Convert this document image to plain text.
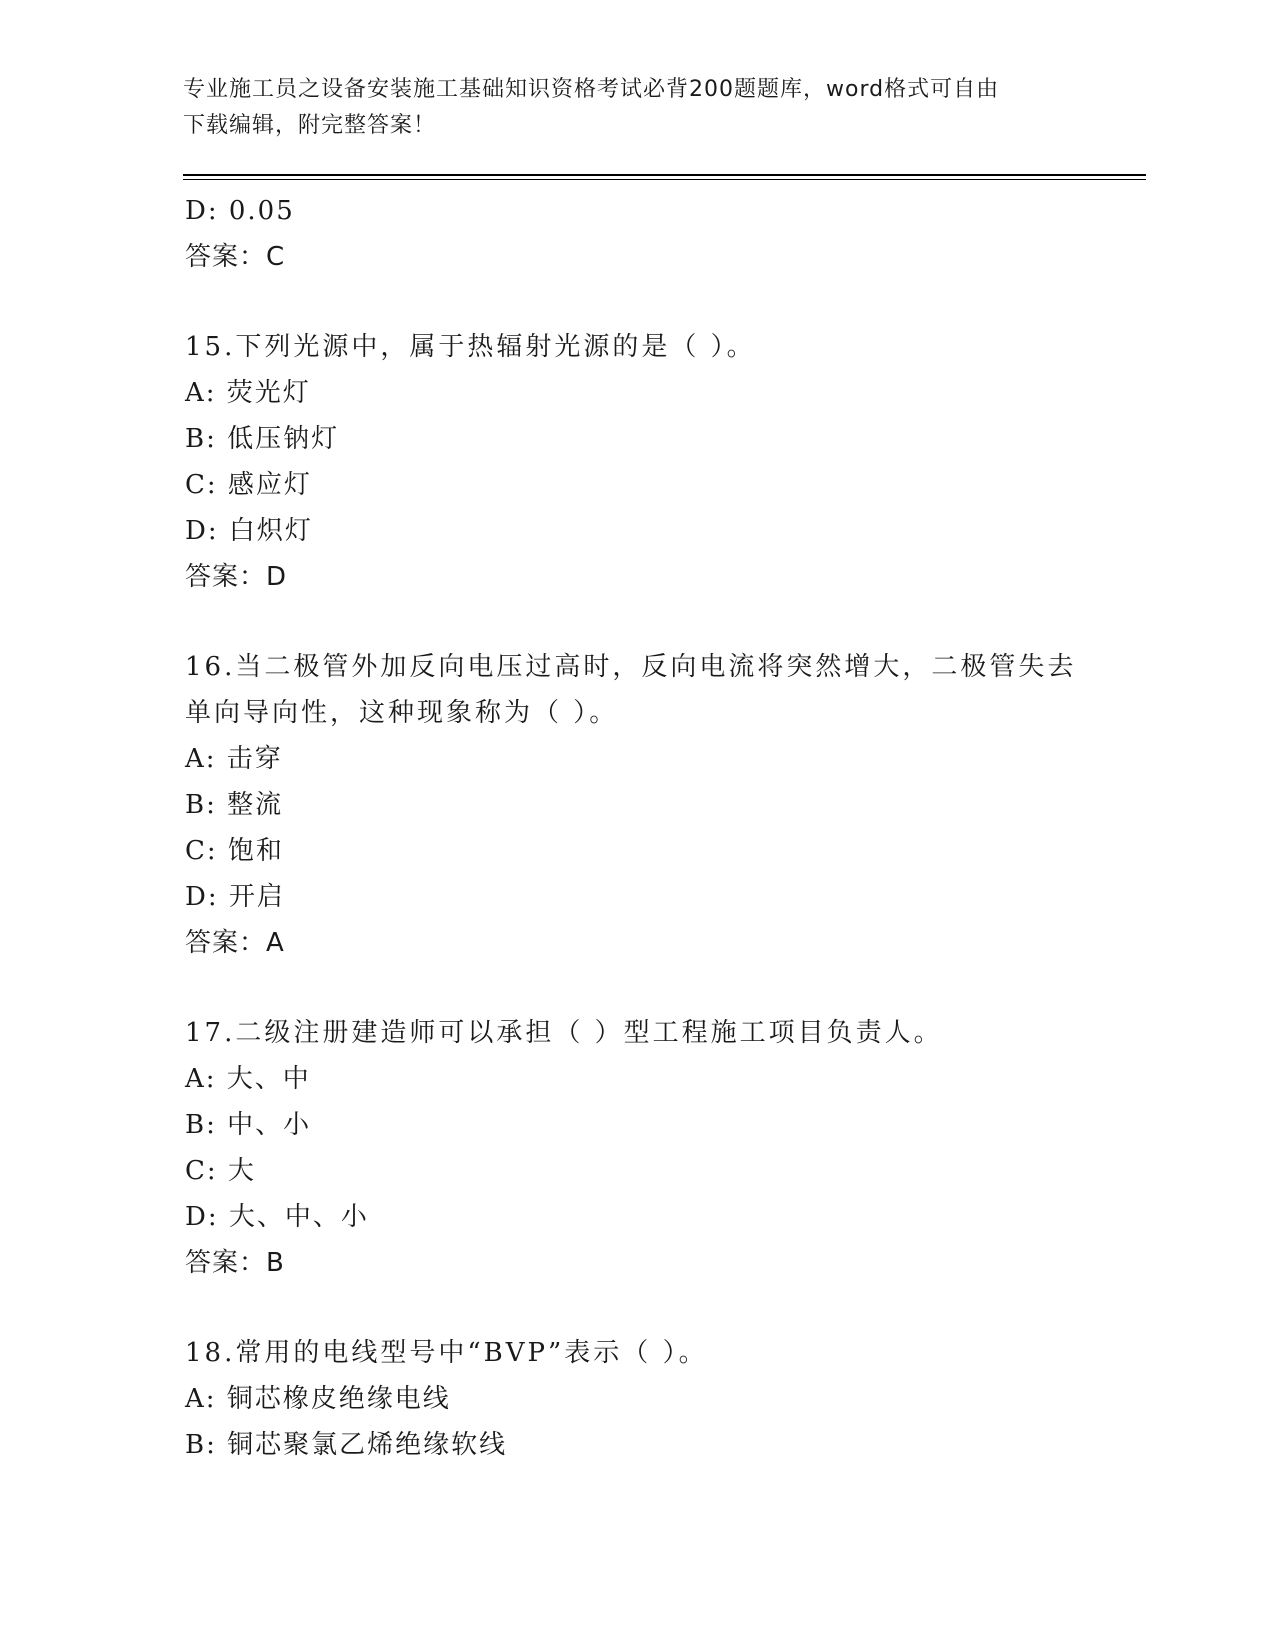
专业施工员之设备安装施工基础知识资格考试必背200题题库，word格式可自由
下载编辑，附完整答案！
D: 0.05
答案：C
15.下列光源中，属于热辐射光源的是（ ）。
A: 荧光灯
B: 低压钠灯
C: 感应灯
D: 白炽灯
答案：D
16.当二极管外加反向电压过高时，反向电流将突然增大，二极管失去
单向导向性，这种现象称为（ ）。
A: 击穿
B: 整流
C: 饱和
D: 开启
答案：A
17.二级注册建造师可以承担（ ）型工程施工项目负责人。
A: 大、中
B: 中、小
C: 大
D: 大、中、小
答案：B
18.常用的电线型号中“BVP”表示（ ）。
A: 铜芯橡皮绝缘电线
B: 铜芯聚氯乙烯绝缘软线
